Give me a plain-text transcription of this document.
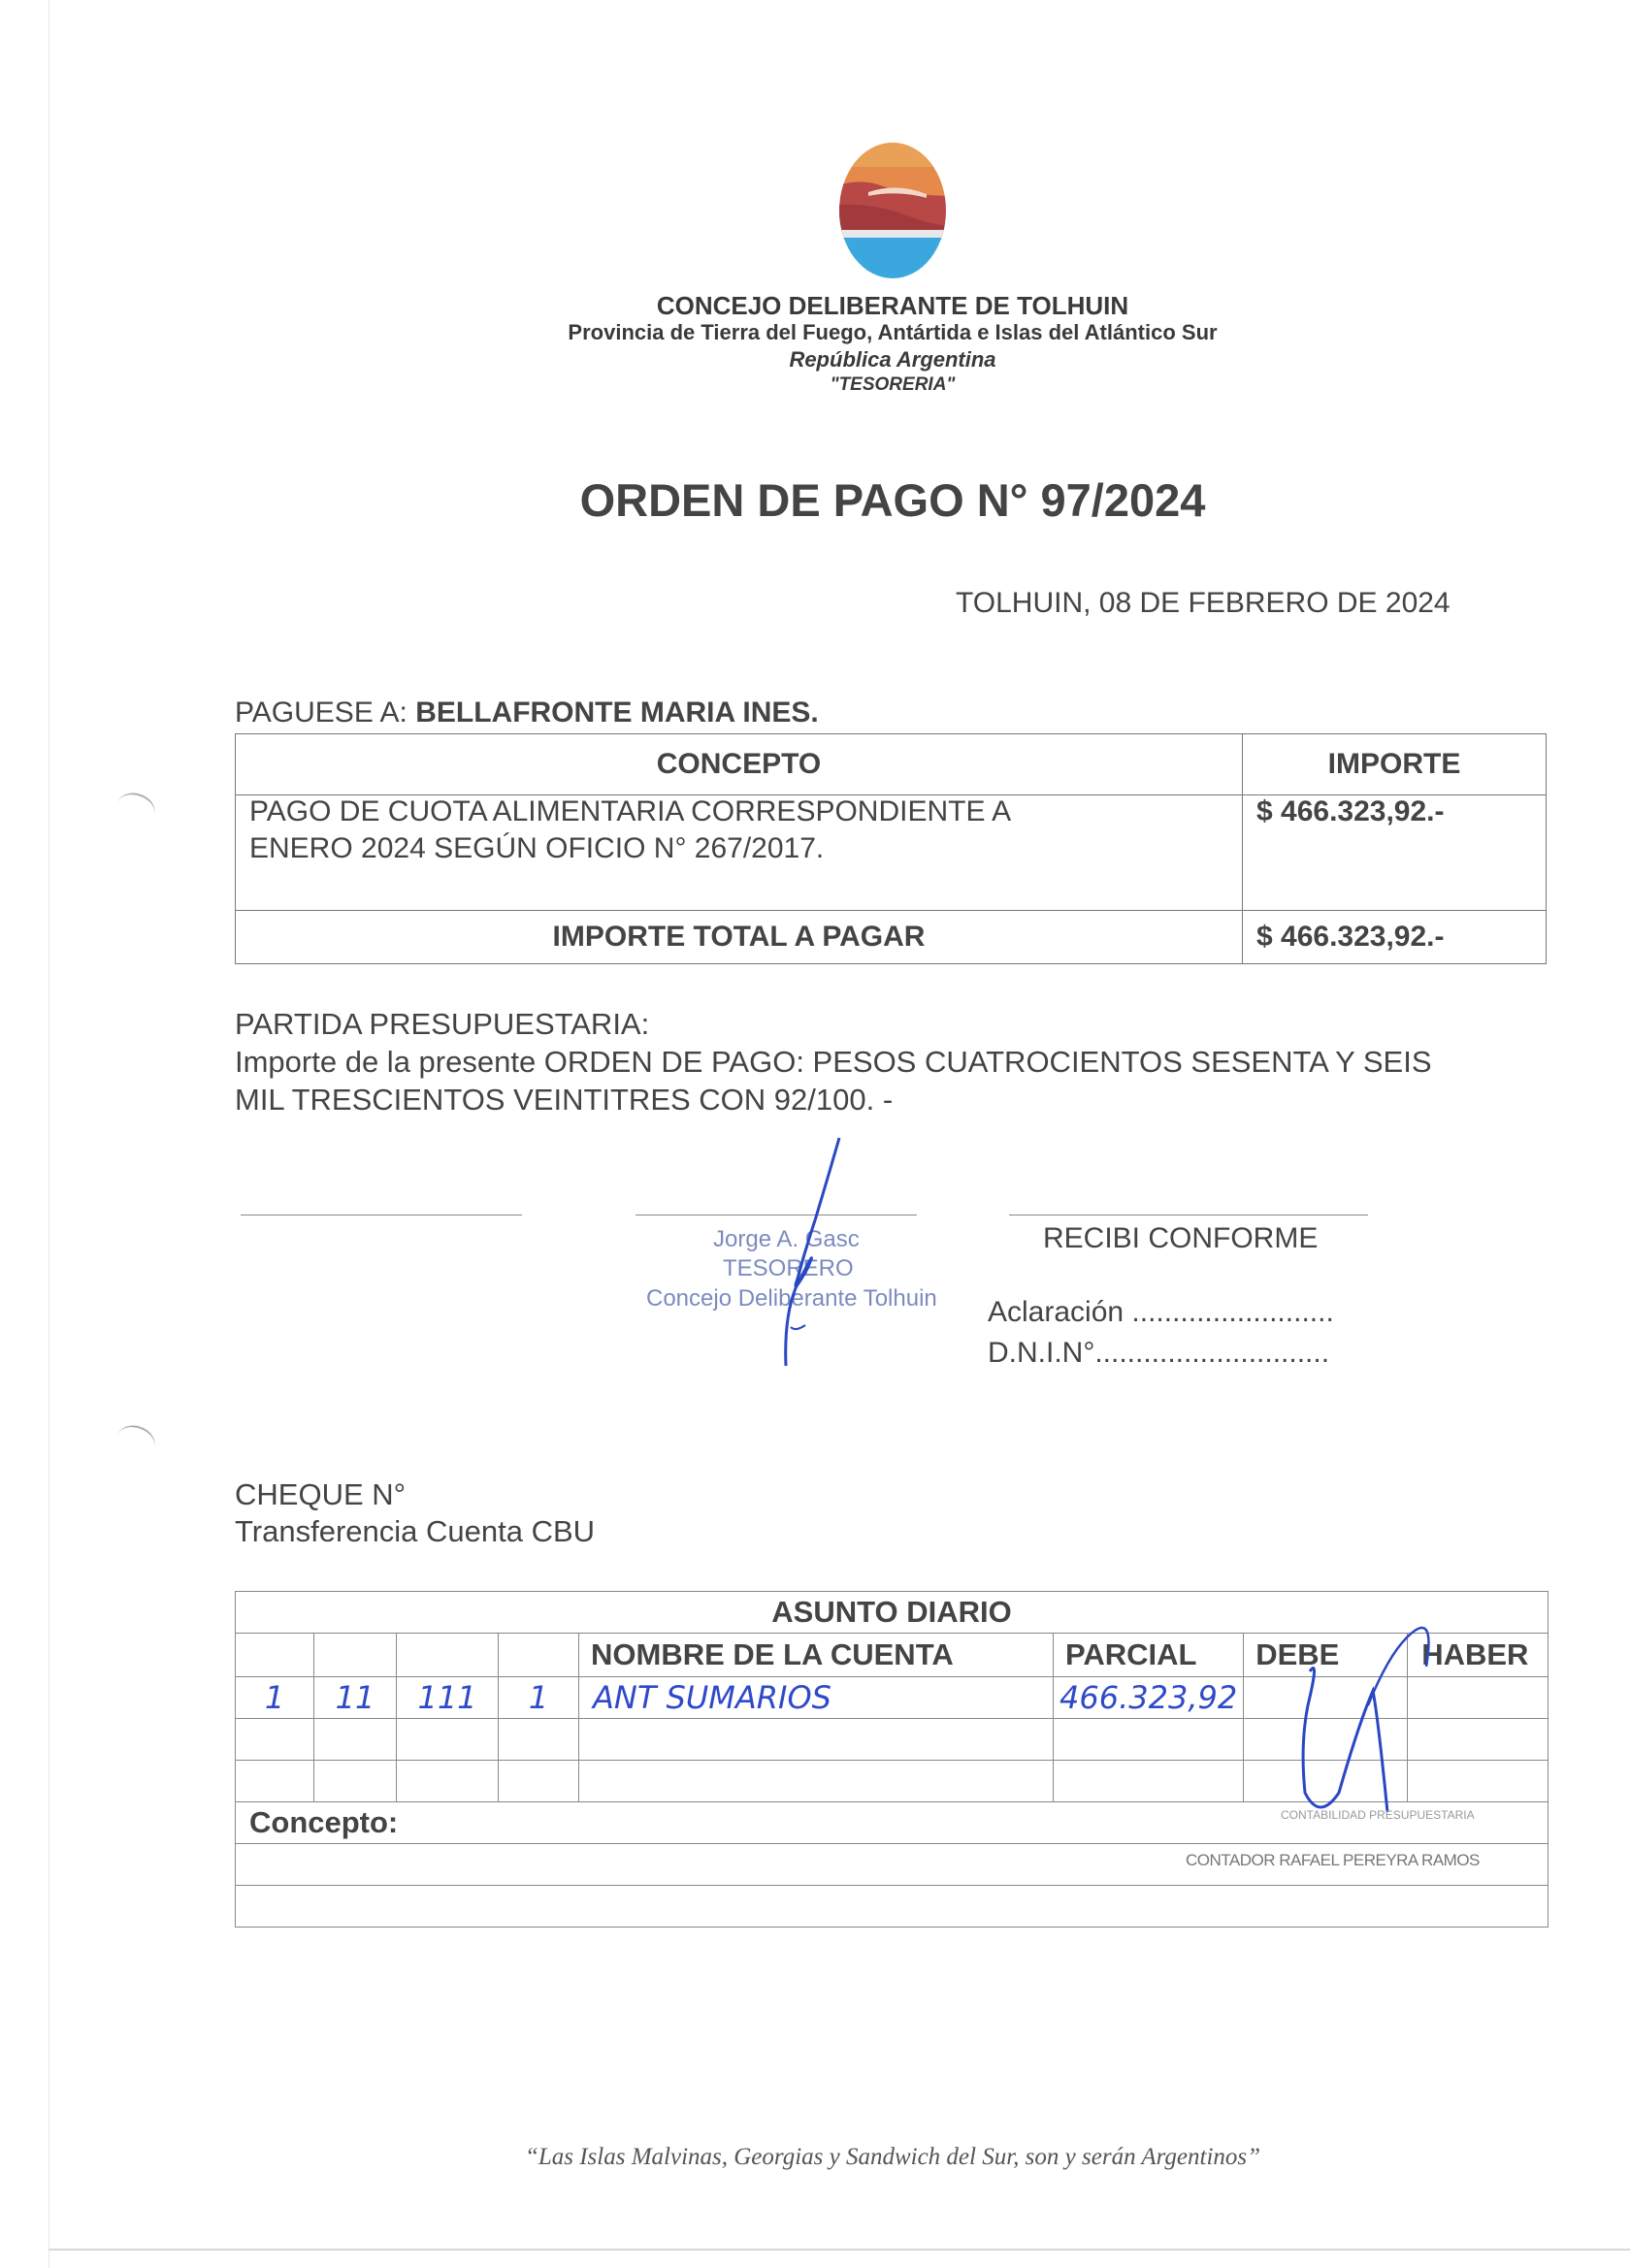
CONCEJO DELIBERANTE DE TOLHUIN
Provincia de Tierra del Fuego, Antártida e Islas del Atlántico Sur
República Argentina
"TESORERIA"
ORDEN DE PAGO N° 97/2024
TOLHUIN, 08 DE FEBRERO DE 2024
PAGUESE A: BELLAFRONTE MARIA INES.
CONCEPTO	IMPORTE

PAGO DE CUOTA ALIMENTARIA CORRESPONDIENTE A
ENERO 2024 SEGÚN OFICIO N° 267/2017.	$ 466.323,92.-
IMPORTE TOTAL A PAGAR	$ 466.323,92.-
PARTIDA PRESUPUESTARIA:
Importe de la presente ORDEN DE PAGO: PESOS CUATROCIENTOS SESENTA Y SEIS
MIL TRESCIENTOS VEINTITRES CON 92/100. -
Jorge A. Gasc
TESORERO
Concejo Deliberante Tolhuin
RECIBI CONFORME
Aclaración .........................
D.N.I.N°.............................
CHEQUE N°
Transferencia Cuenta CBU
ASUNTO DIARIO							
				NOMBRE DE LA CUENTA	PARCIAL	DEBE	HABER
1	11	111	1	ANT SUMARIOS	466.323,92		

Concepto:								CONTABILIDAD PRESUPUESTARIA
CONTADOR RAFAEL PEREYRA RAMOS
“Las Islas Malvinas, Georgias y Sandwich del Sur, son y serán Argentinos”
